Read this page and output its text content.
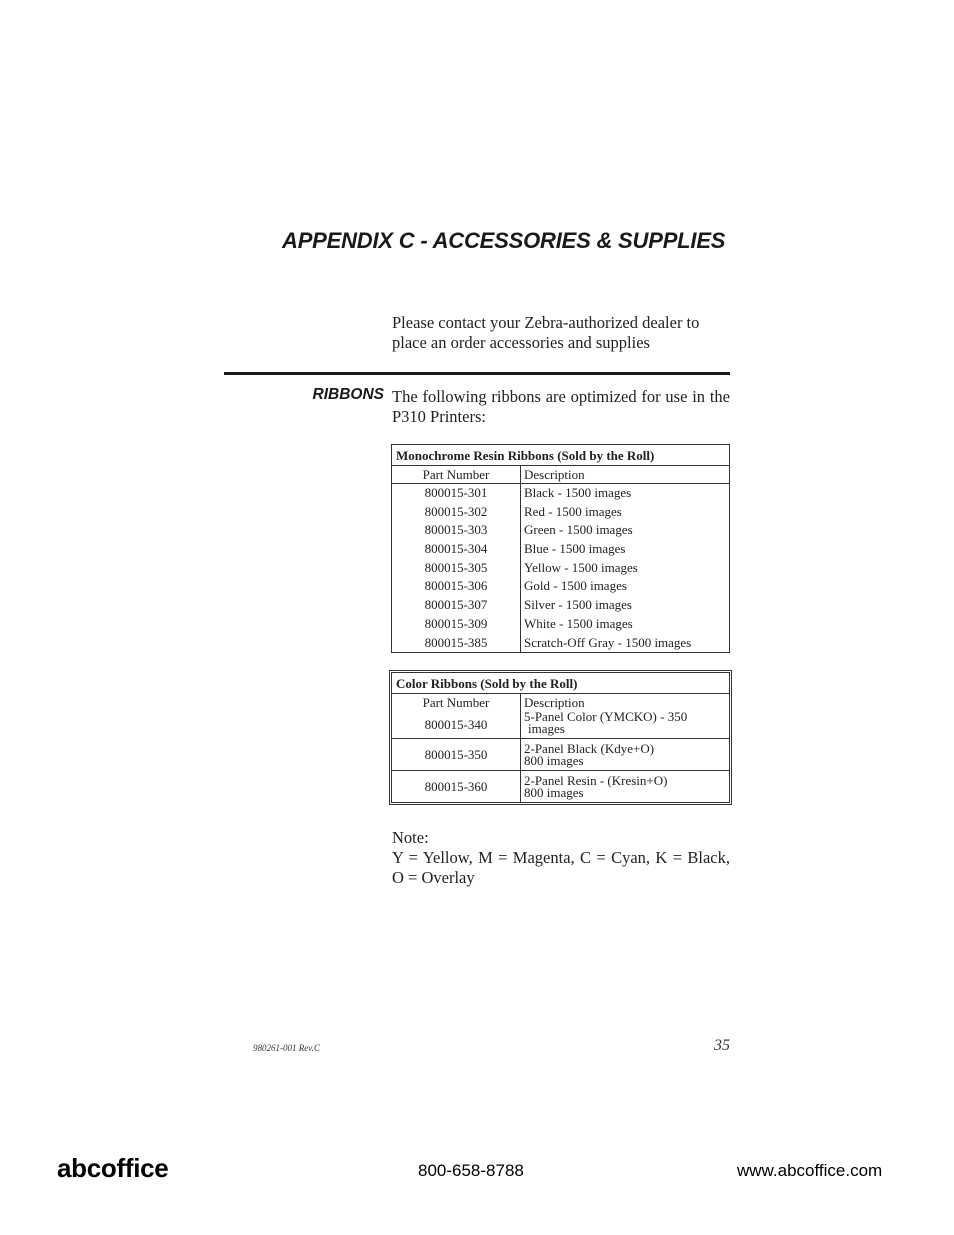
APPENDIX C - ACCESSORIES & SUPPLIES
Please contact your Zebra-authorized dealer to place an order accessories and supplies
RIBBONS The following ribbons are optimized for use in the P310 Printers:
Monochrome Resin Ribbons (Sold by the Roll)	
Part Number	Description
800015-301	Black - 1500 images
800015-302	Red - 1500 images
800015-303	Green - 1500 images
800015-304	Blue - 1500 images
800015-305	Yellow - 1500 images
800015-306	Gold - 1500 images
800015-307	Silver - 1500 images
800015-309	White - 1500 images
800015-385	Scratch-Off Gray - 1500 images
Color Ribbons (Sold by the Roll)	
Part Number	Description
800015-340	5-Panel Color (YMCKO) - 350
images

800015-350	2-Panel Black (Kdye+O)
800 images

800015-360	2-Panel Resin - (Kresin+O)
800 images
Note:
Y = Yellow, M = Magenta, C = Cyan, K = Black, O = Overlay
980261-001 Rev.C	35
abcoffice	800-658-8788	www.abcoffice.com
